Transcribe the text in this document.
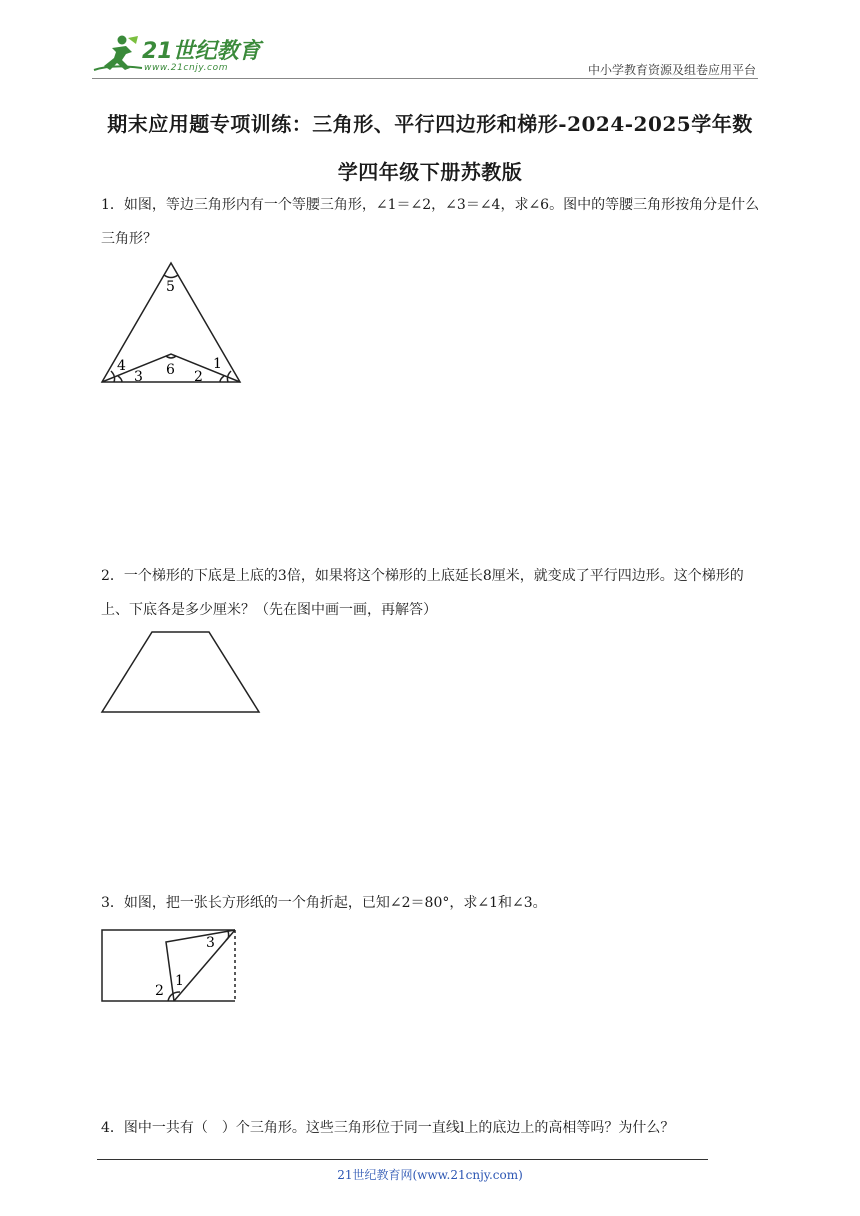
21世纪教育
www.21cnjy.com	中小学教育资源及组卷应用平台
期末应用题专项训练：三角形、平行四边形和梯形-2024-2025学年数
学四年级下册苏教版
1．如图，等边三角形内有一个等腰三角形，∠1＝∠2，∠3＝∠4，求∠6。图中的等腰三角形按角分是什么三角形？
5
4
3 6 2
1
2．一个梯形的下底是上底的3倍，如果将这个梯形的上底延长8厘米，就变成了平行四边形。这个梯形的上、下底各是多少厘米？（先在图中画一画，再解答）
3．如图，把一张长方形纸的一个角折起，已知∠2＝80°，求∠1和∠3。
3
1
2
4．图中一共有（　）个三角形。这些三角形位于同一直线l上的底边上的高相等吗？为什么？
21世纪教育网(www.21cnjy.com)
